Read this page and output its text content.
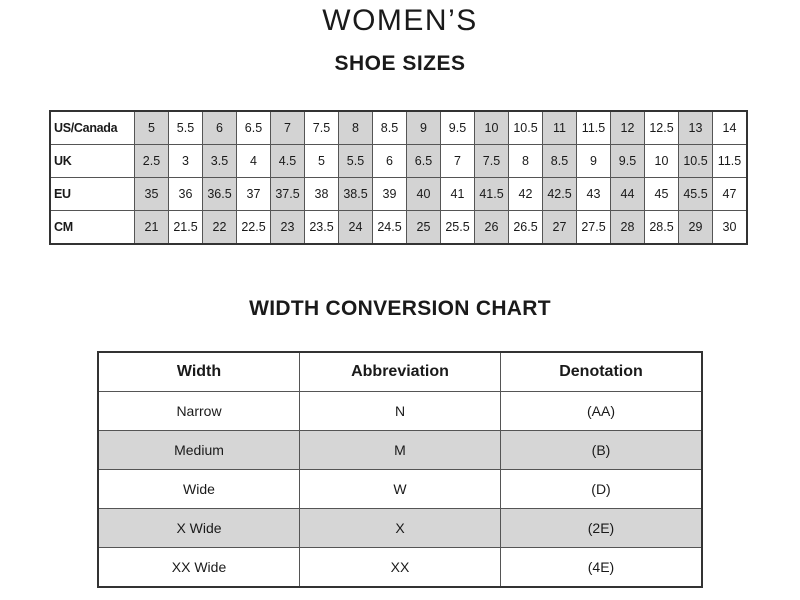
WOMEN’S
SHOE SIZES
US/Canada	5	5.5	6	6.5	7	7.5	8	8.5	9	9.5	10	10.5	11	11.5	12	12.5	13	14
UK	2.5	3	3.5	4	4.5	5	5.5	6	6.5	7	7.5	8	8.5	9	9.5	10	10.5	11.5
EU	35	36	36.5	37	37.5	38	38.5	39	40	41	41.5	42	42.5	43	44	45	45.5	47
CM	21	21.5	22	22.5	23	23.5	24	24.5	25	25.5	26	26.5	27	27.5	28	28.5	29	30
WIDTH CONVERSION CHART
Width	Abbreviation	Denotation
Narrow	N	(AA)
Medium	M	(B)
Wide	W	(D)
X Wide	X	(2E)
XX Wide	XX	(4E)
